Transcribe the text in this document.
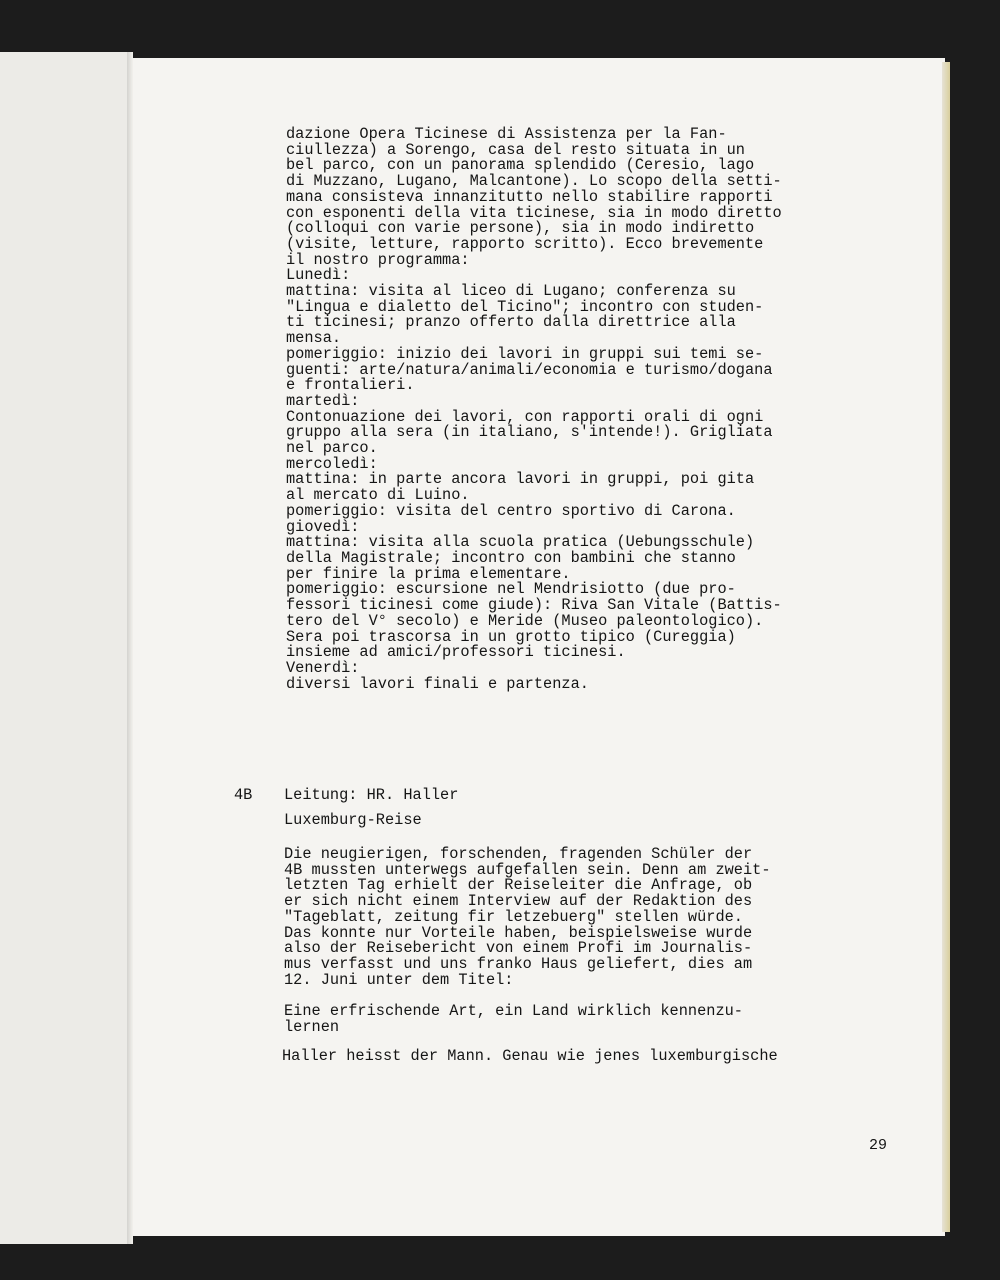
dazione Opera Ticinese di Assistenza per la Fan-

ciullezza) a Sorengo, casa del resto situata in un

bel parco, con un panorama splendido (Ceresio, lago

di Muzzano, Lugano, Malcantone). Lo scopo della setti-

mana consisteva innanzitutto nello stabilire rapporti

con esponenti della vita ticinese, sia in modo diretto

(colloqui con varie persone), sia in modo indiretto

(visite, letture, rapporto scritto). Ecco brevemente

il nostro programma:

Lunedì:

mattina: visita al liceo di Lugano; conferenza su

"Lingua e dialetto del Ticino"; incontro con studen-

ti ticinesi; pranzo offerto dalla direttrice alla

mensa.

pomeriggio: inizio dei lavori in gruppi sui temi se-

guenti: arte/natura/animali/economia e turismo/dogana

e frontalieri.

martedì:

Contonuazione dei lavori, con rapporti orali di ogni

gruppo alla sera (in italiano, s'intende!). Grigliata

nel parco.

mercoledì:

mattina: in parte ancora lavori in gruppi, poi gita

al mercato di Luino.

pomeriggio: visita del centro sportivo di Carona.

giovedì:

mattina: visita alla scuola pratica (Uebungsschule)

della Magistrale; incontro con bambini che stanno

per finire la prima elementare.

pomeriggio: escursione nel Mendrisiotto (due pro-

fessori ticinesi come giude): Riva San Vitale (Battis-

tero del V° secolo) e Meride (Museo paleontologico).

Sera poi trascorsa in un grotto tipico (Cureggia)

insieme ad amici/professori ticinesi.

Venerdì:

diversi lavori finali e partenza.

4B Leitung: HR. Haller
Luxemburg-Reise

Die neugierigen, forschenden, fragenden Schüler der

4B mussten unterwegs aufgefallen sein. Denn am zweit-

letzten Tag erhielt der Reiseleiter die Anfrage, ob

er sich nicht einem Interview auf der Redaktion des

"Tageblatt, zeitung fir letzebuerg" stellen würde.

Das konnte nur Vorteile haben, beispielsweise wurde

also der Reisebericht von einem Profi im Journalis-

mus verfasst und uns franko Haus geliefert, dies am

12. Juni unter dem Titel:

Eine erfrischende Art, ein Land wirklich kennenzu-

lernen

Haller heisst der Mann. Genau wie jenes luxemburgische
29
